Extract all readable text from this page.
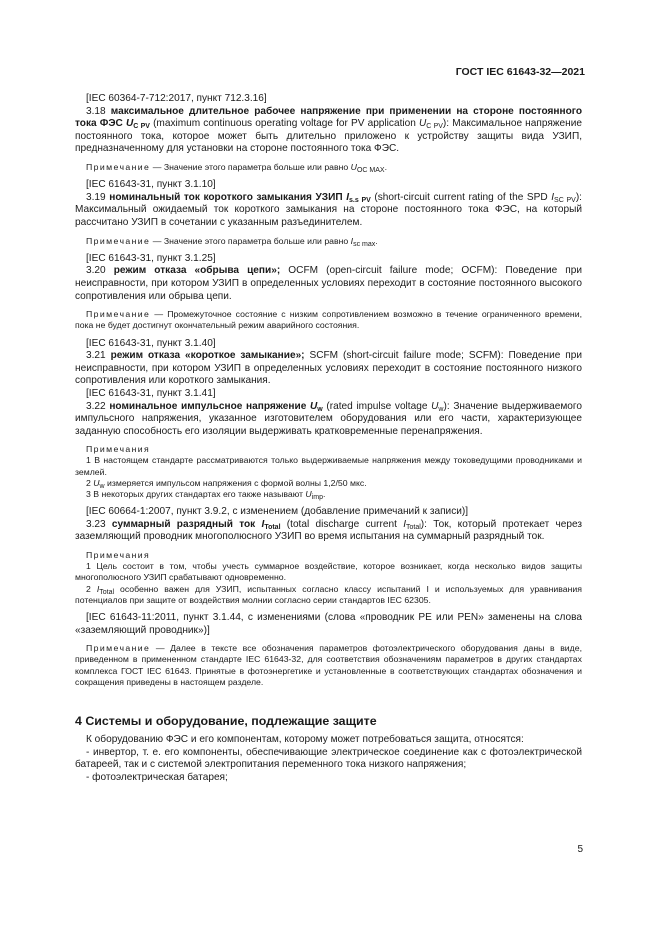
ГОСТ IEC 61643-32—2021

[IEC 60364-7-712:2017, пункт 712.3.16]

3.18 максимальное длительное рабочее напряжение при применении на стороне постоянного тока ФЭС $U_{C PV}$ (maximum continuous operating voltage for PV application $U_{C PV}$): Максимальное напряжение постоянного тока, которое может быть длительно приложено к устройству защиты вида УЗИП, предназначенному для установки на стороне постоянного тока ФЭС.

Примечание — Значение этого параметра больше или равно $U_{OC MAX}$.

[IEC 61643-31, пункт 3.1.10]

3.19 номинальный ток короткого замыкания УЗИП $I_{s.s PV}$ (short-circuit current rating of the SPD $I_{SC PV}$): Максимальный ожидаемый ток короткого замыкания на стороне постоянного тока ФЭС, на который рассчитано УЗИП в сочетании с указанным разъединителем.

Примечание — Значение этого параметра больше или равно $I_{sc max}$.

[IEC 61643-31, пункт 3.1.25]

3.20 режим отказа «обрыва цепи»; OCFM (open-circuit failure mode; OCFM): Поведение при неисправности, при котором УЗИП в определенных условиях переходит в состояние постоянного высокого сопротивления или обрыва цепи.

Примечание — Промежуточное состояние с низким сопротивлением возможно в течение ограниченного времени, пока не будет достигнут окончательный режим аварийного состояния.

[IEC 61643-31, пункт 3.1.40]

3.21 режим отказа «короткое замыкание»; SCFM (short-circuit failure mode; SCFM): Поведение при неисправности, при котором УЗИП в определенных условиях переходит в состояние постоянного низкого сопротивления или короткого замыкания.

[IEC 61643-31, пункт 3.1.41]

3.22 номинальное импульсное напряжение $U_w$ (rated impulse voltage $U_w$): Значение выдерживаемого импульсного напряжения, указанное изготовителем оборудования или его части, характеризующее заданную способность его изоляции выдерживать кратковременные перенапряжения.

Примечания

1 В настоящем стандарте рассматриваются только выдерживаемые напряжения между токоведущими проводниками и землей.

2 $U_w$ измеряется импульсом напряжения с формой волны 1,2/50 мкс.

3 В некоторых других стандартах его также называют $U_{imp}$.

[IEC 60664-1:2007, пункт 3.9.2, с изменением (добавление примечаний к записи)]

3.23 суммарный разрядный ток $I_{Total}$ (total discharge current $I_{Total}$): Ток, который протекает через заземляющий проводник многополюсного УЗИП во время испытания на суммарный разрядный ток.

Примечания

1 Цель состоит в том, чтобы учесть суммарное воздействие, которое возникает, когда несколько видов защиты многополюсного УЗИП срабатывают одновременно.

2 $I_{Total}$ особенно важен для УЗИП, испытанных согласно классу испытаний I и используемых для уравнивания потенциалов при защите от воздействия молнии согласно серии стандартов IEC 62305.

[IEC 61643-11:2011, пункт 3.1.44, с изменениями (слова «проводник PE или PEN» заменены на слова «заземляющий проводник»)]

Примечание — Далее в тексте все обозначения параметров фотоэлектрического оборудования даны в виде, приведенном в примененном стандарте IEC 61643-32, для соответствия обозначениям параметров в других стандартах комплекса ГОСТ IEC 61643. Принятые в фотоэнергетике и установленные в соответствующих стандартах обозначения и сокращения приведены в настоящем разделе.

4 Системы и оборудование, подлежащие защите

К оборудованию ФЭС и его компонентам, которому может потребоваться защита, относятся:

- инвертор, т. е. его компоненты, обеспечивающие электрическое соединение как с фотоэлектрической батареей, так и с системой электропитания переменного тока низкого напряжения;

- фотоэлектрическая батарея;

5
